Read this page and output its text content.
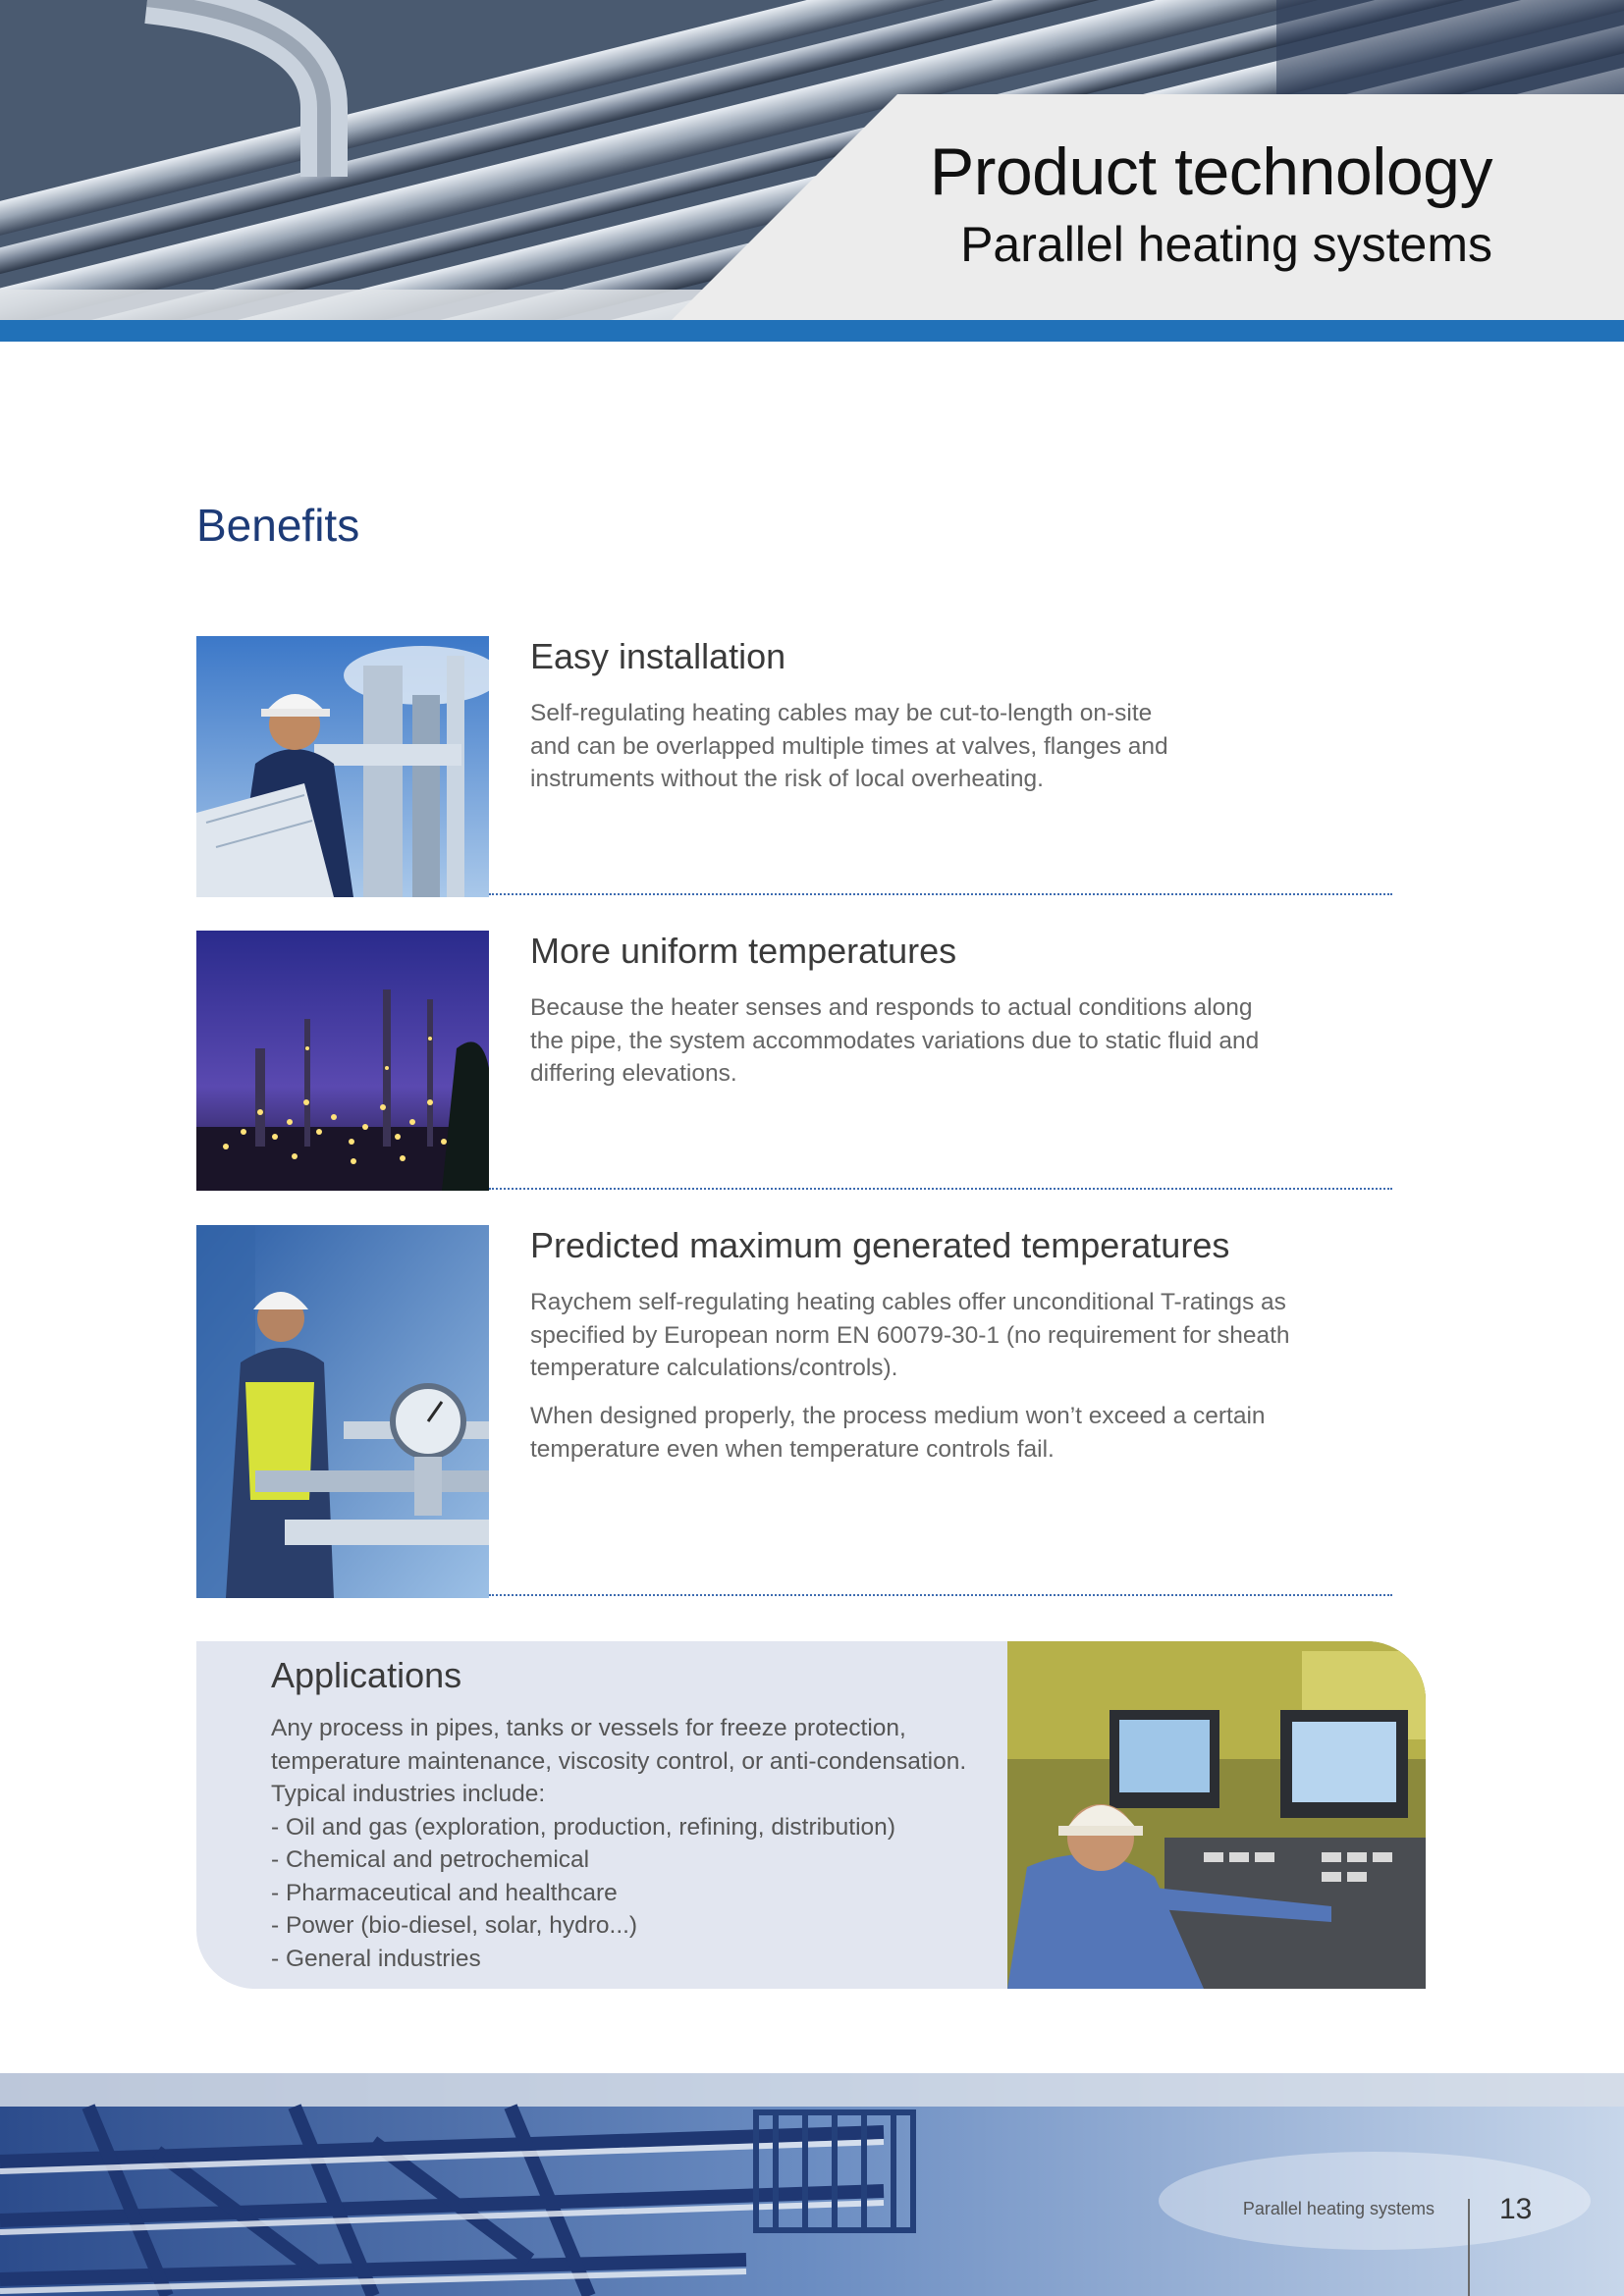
Product technology
Parallel heating systems
Benefits
Easy installation
Self-regulating heating cables may be cut-to-length on-site
and can be overlapped multiple times at valves, flanges and
instruments without the risk of local overheating.
More uniform temperatures
Because the heater senses and responds to actual conditions along
the pipe, the system accommodates variations due to static fluid and
differing elevations.
Predicted maximum generated temperatures
Raychem self-regulating heating cables offer unconditional T-ratings as
specified by European norm EN 60079-30-1 (no requirement for sheath
temperature calculations/controls).
When designed properly, the process medium won’t exceed a certain
temperature even when temperature controls fail.
Applications
Any process in pipes, tanks or vessels for freeze protection, temperature maintenance, viscosity control, or anti-condensation.
Typical industries include:
- Oil and gas (exploration, production, refining, distribution)
- Chemical and petrochemical
- Pharmaceutical and healthcare
- Power (bio-diesel, solar, hydro...)
- General industries
Parallel heating systems 13
